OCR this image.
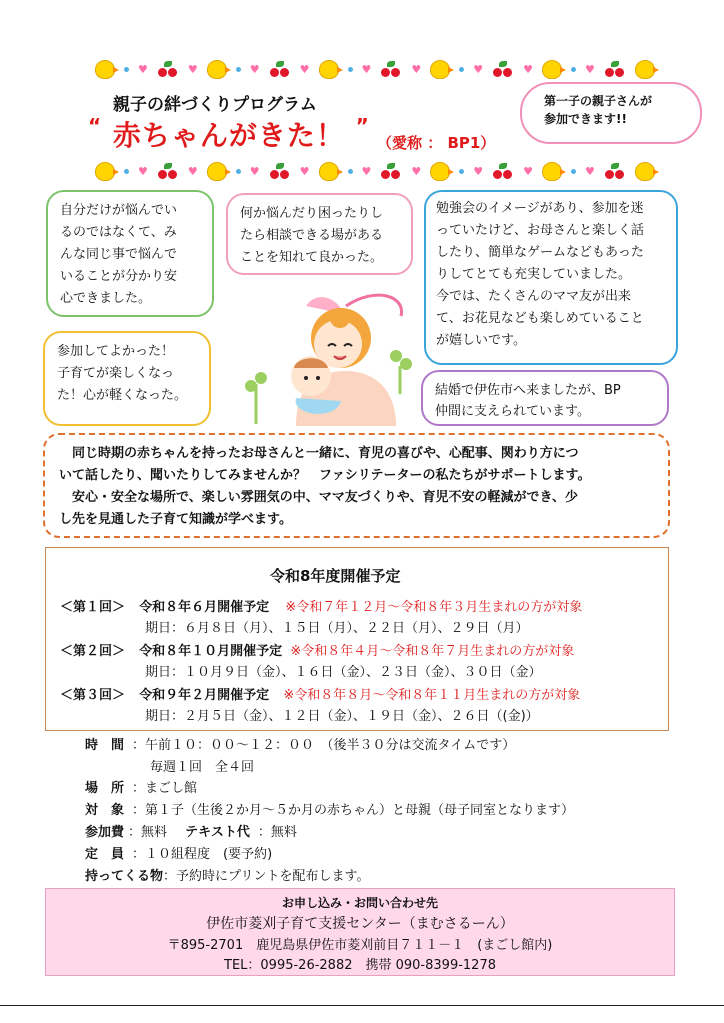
♥	♥	♥	♥	♥	♥	♥	♥	♥
♥	♥	♥	♥	♥	♥	♥	♥	♥
親子の絆づくりプログラム
“ 赤ちゃんがきた！ ”
（愛称 ： BP1）
第一子の親子さんが
参加できます!!
自分だけが悩んでい
るのではなくて、み
んな同じ事で悩んで
いることが分かり安
心できました。
何か悩んだり困ったりし
たら相談できる場がある
ことを知れて良かった。
勉強会のイメージがあり、参加を迷
っていたけど、お母さんと楽しく話
したり、簡単なゲームなどもあった
りしてとても充実していました。
今では、たくさんのママ友が出来
て、お花見なども楽しめていること
が嬉しいです。
参加してよかった！
子育てが楽しくなっ
た！心が軽くなった。	結婚で伊佐市へ来ましたが、BP
仲間に支えられています。
　同じ時期の赤ちゃんを持ったお母さんと一緒に、育児の喜びや、心配事、関わり方につ
いて話したり、聞いたりしてみませんか？　ファシリテーターの私たちがサポートします。
　安心・安全な場所で、楽しい雰囲気の中、ママ友づくりや、育児不安の軽減ができ、少
し先を見通した子育て知識が学べます。
令和8年度開催予定
＜第１回＞ 令和８年６月開催予定 ※令和７年１２月～令和８年３月生まれの方が対象
期日：６月８日（月）、１５日（月）、２２日（月）、２９日（月）
＜第２回＞ 令和８年１０月開催予定 ※令和８年４月～令和８年７月生まれの方が対象
期日：１０月９日（金）、１６日（金）、２３日（金）、３０日（金）
＜第３回＞ 令和９年２月開催予定 ※令和８年８月～令和８年１１月生まれの方が対象
期日：２月５日（金）、１２日（金）、１９日（金）、２６日（(金)）
時　間 ：午前１０：００～１２：００　（後半３０分は交流タイムです）
毎週１回　全４回
場　所 ：まごし館
対　象 ：第１子（生後２か月～５か月の赤ちゃん）と母親（母子同室となります）
参加費 ：無料 テキスト代 ：無料
定　員 ：１０組程度　(要予約)
持ってくる物：予約時にプリントを配布します。
お申し込み・お問い合わせ先
伊佐市菱刈子育て支援センター（まむさるーん）
〒895-2701　鹿児島県伊佐市菱刈前目７１１－１　(まごし館内)
TEL：0995-26-2882　携帯 090-8399-1278
